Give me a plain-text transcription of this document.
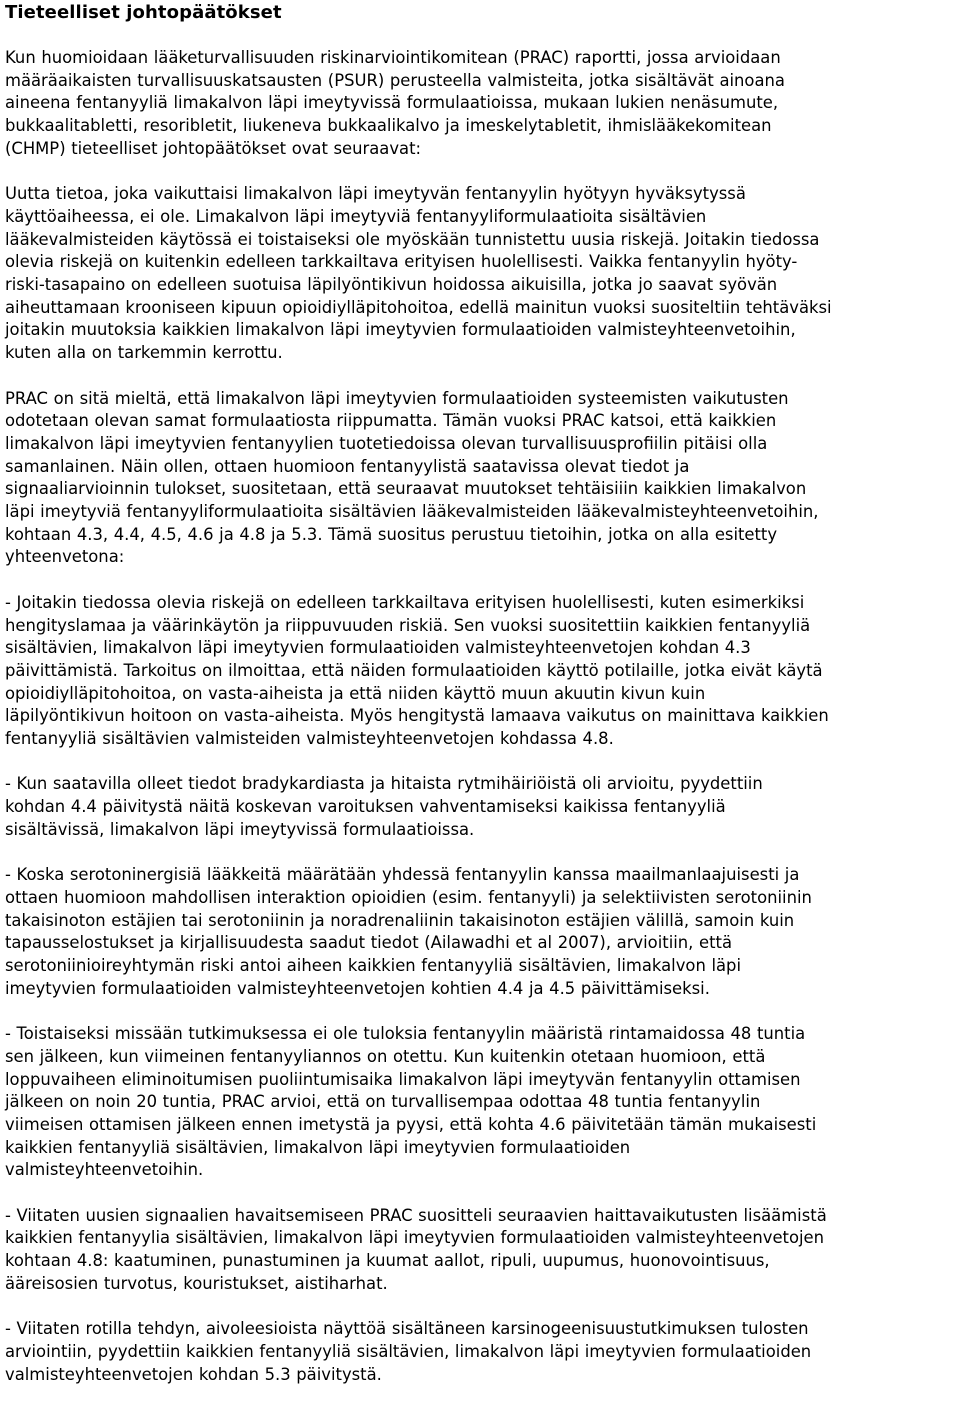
Tieteelliset johtopäätökset

Kun huomioidaan lääketurvallisuuden riskinarviointikomitean (PRAC) raportti, jossa arvioidaan
määräaikaisten turvallisuuskatsausten (PSUR) perusteella valmisteita, jotka sisältävät ainoana
aineena fentanyyliä limakalvon läpi imeytyvissä formulaatioissa, mukaan lukien nenäsumute,
bukkaalitabletti, resoribletit, liukeneva bukkaalikalvo ja imeskelytabletit, ihmislääkekomitean
(CHMP) tieteelliset johtopäätökset ovat seuraavat:

Uutta tietoa, joka vaikuttaisi limakalvon läpi imeytyvän fentanyylin hyötyyn hyväksytyssä
käyttöaiheessa, ei ole. Limakalvon läpi imeytyviä fentanyyliformulaatioita sisältävien
lääkevalmisteiden käytössä ei toistaiseksi ole myöskään tunnistettu uusia riskejä. Joitakin tiedossa
olevia riskejä on kuitenkin edelleen tarkkailtava erityisen huolellisesti. Vaikka fentanyylin hyöty-
riski-tasapaino on edelleen suotuisa läpilyöntikivun hoidossa aikuisilla, jotka jo saavat syövän
aiheuttamaan krooniseen kipuun opioidiylläpitohoitoa, edellä mainitun vuoksi suositeltiin tehtäväksi
joitakin muutoksia kaikkien limakalvon läpi imeytyvien formulaatioiden valmisteyhteenvetoihin,
kuten alla on tarkemmin kerrottu.

PRAC on sitä mieltä, että limakalvon läpi imeytyvien formulaatioiden systeemisten vaikutusten
odotetaan olevan samat formulaatiosta riippumatta. Tämän vuoksi PRAC katsoi, että kaikkien
limakalvon läpi imeytyvien fentanyylien tuotetiedoissa olevan turvallisuusprofiilin pitäisi olla
samanlainen. Näin ollen, ottaen huomioon fentanyylistä saatavissa olevat tiedot ja
signaaliarvioinnin tulokset, suositetaan, että seuraavat muutokset tehtäisiiin kaikkien limakalvon
läpi imeytyviä fentanyyliformulaatioita sisältävien lääkevalmisteiden lääkevalmisteyhteenvetoihin,
kohtaan 4.3, 4.4, 4.5, 4.6 ja 4.8 ja 5.3. Tämä suositus perustuu tietoihin, jotka on alla esitetty
yhteenvetona:

- Joitakin tiedossa olevia riskejä on edelleen tarkkailtava erityisen huolellisesti, kuten esimerkiksi
hengityslamaa ja väärinkäytön ja riippuvuuden riskiä. Sen vuoksi suositettiin kaikkien fentanyyliä
sisältävien, limakalvon läpi imeytyvien formulaatioiden valmisteyhteenvetojen kohdan 4.3
päivittämistä. Tarkoitus on ilmoittaa, että näiden formulaatioiden käyttö potilaille, jotka eivät käytä
opioidiylläpitohoitoa, on vasta-aiheista ja että niiden käyttö muun akuutin kivun kuin
läpilyöntikivun hoitoon on vasta-aiheista. Myös hengitystä lamaava vaikutus on mainittava kaikkien
fentanyyliä sisältävien valmisteiden valmisteyhteenvetojen kohdassa 4.8.

- Kun saatavilla olleet tiedot bradykardiasta ja hitaista rytmihäiriöistä oli arvioitu, pyydettiin
kohdan 4.4 päivitystä näitä koskevan varoituksen vahventamiseksi kaikissa fentanyyliä
sisältävissä, limakalvon läpi imeytyvissä formulaatioissa.

- Koska serotoninergisiä lääkkeitä määrätään yhdessä fentanyylin kanssa maailmanlaajuisesti ja
ottaen huomioon mahdollisen interaktion opioidien (esim. fentanyyli) ja selektiivisten serotoniinin
takaisinoton estäjien tai serotoniinin ja noradrenaliinin takaisinoton estäjien välillä, samoin kuin
tapausselostukset ja kirjallisuudesta saadut tiedot (Ailawadhi et al 2007), arvioitiin, että
serotoniinioireyhtymän riski antoi aiheen kaikkien fentanyyliä sisältävien, limakalvon läpi
imeytyvien formulaatioiden valmisteyhteenvetojen kohtien 4.4 ja 4.5 päivittämiseksi.

- Toistaiseksi missään tutkimuksessa ei ole tuloksia fentanyylin määristä rintamaidossa 48 tuntia
sen jälkeen, kun viimeinen fentanyyliannos on otettu. Kun kuitenkin otetaan huomioon, että
loppuvaiheen eliminoitumisen puoliintumisaika limakalvon läpi imeytyvän fentanyylin ottamisen
jälkeen on noin 20 tuntia, PRAC arvioi, että on turvallisempaa odottaa 48 tuntia fentanyylin
viimeisen ottamisen jälkeen ennen imetystä ja pyysi, että kohta 4.6 päivitetään tämän mukaisesti
kaikkien fentanyyliä sisältävien, limakalvon läpi imeytyvien formulaatioiden
valmisteyhteenvetoihin.

- Viitaten uusien signaalien havaitsemiseen PRAC suositteli seuraavien haittavaikutusten lisäämistä
kaikkien fentanyylia sisältävien, limakalvon läpi imeytyvien formulaatioiden valmisteyhteenvetojen
kohtaan 4.8: kaatuminen, punastuminen ja kuumat aallot, ripuli, uupumus, huonovointisuus,
ääreisosien turvotus, kouristukset, aistiharhat.

- Viitaten rotilla tehdyn, aivoleesioista näyttöä sisältäneen karsinogeenisuustutkimuksen tulosten
arviointiin, pyydettiin kaikkien fentanyyliä sisältävien, limakalvon läpi imeytyvien formulaatioiden
valmisteyhteenvetojen kohdan 5.3 päivitystä.
